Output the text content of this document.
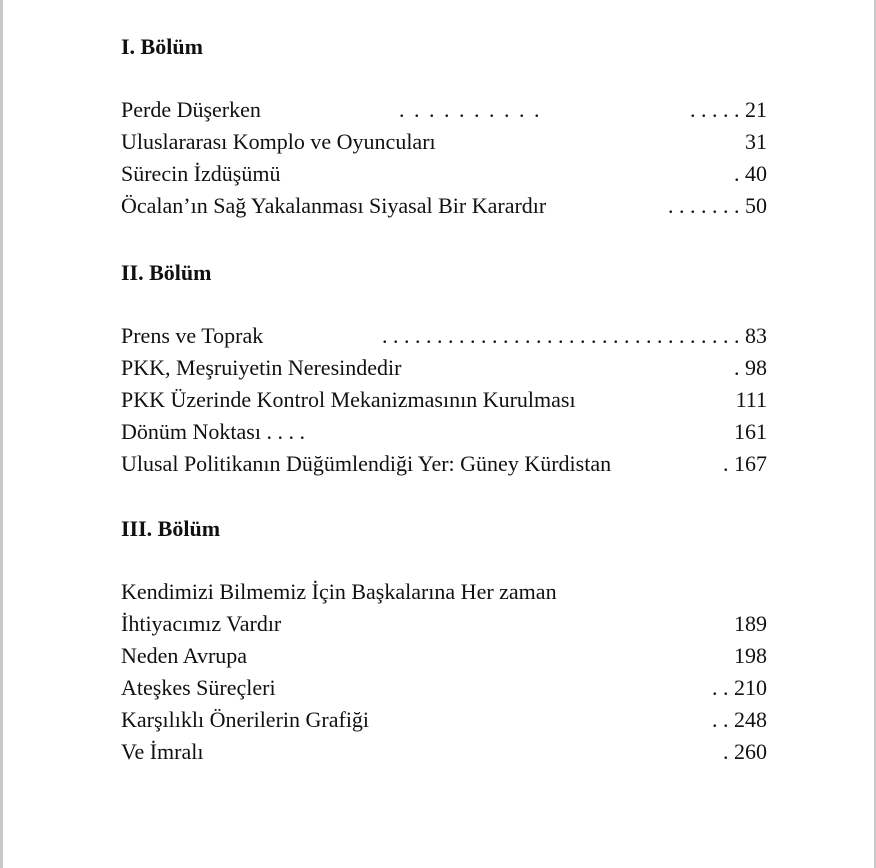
I. Bölüm
Perde Düşerken	. . . . . . . . . .	. . . . . 21
Uluslararası Komplo ve Oyuncuları	31
Sürecin İzdüşümü	. 40
Öcalan’ın Sağ Yakalanması Siyasal Bir Karardır	. . . . . . . 50
II. Bölüm
Prens ve Toprak	. . . . . . . . . . . . . . . . . . . . . . . . . . . . . . . . . 83
PKK, Meşruiyetin Neresindedir	. 98
PKK Üzerinde Kontrol Mekanizmasının Kurulması	111
Dönüm Noktası . . . .	161
Ulusal Politikanın Düğümlendiği Yer: Güney Kürdistan	. 167
III. Bölüm
Kendimizi Bilmemiz İçin Başkalarına Her zaman
İhtiyacımız Vardır	189
Neden Avrupa	198
Ateşkes Süreçleri	. . 210
Karşılıklı Önerilerin Grafiği	. . 248
Ve İmralı	. 260
